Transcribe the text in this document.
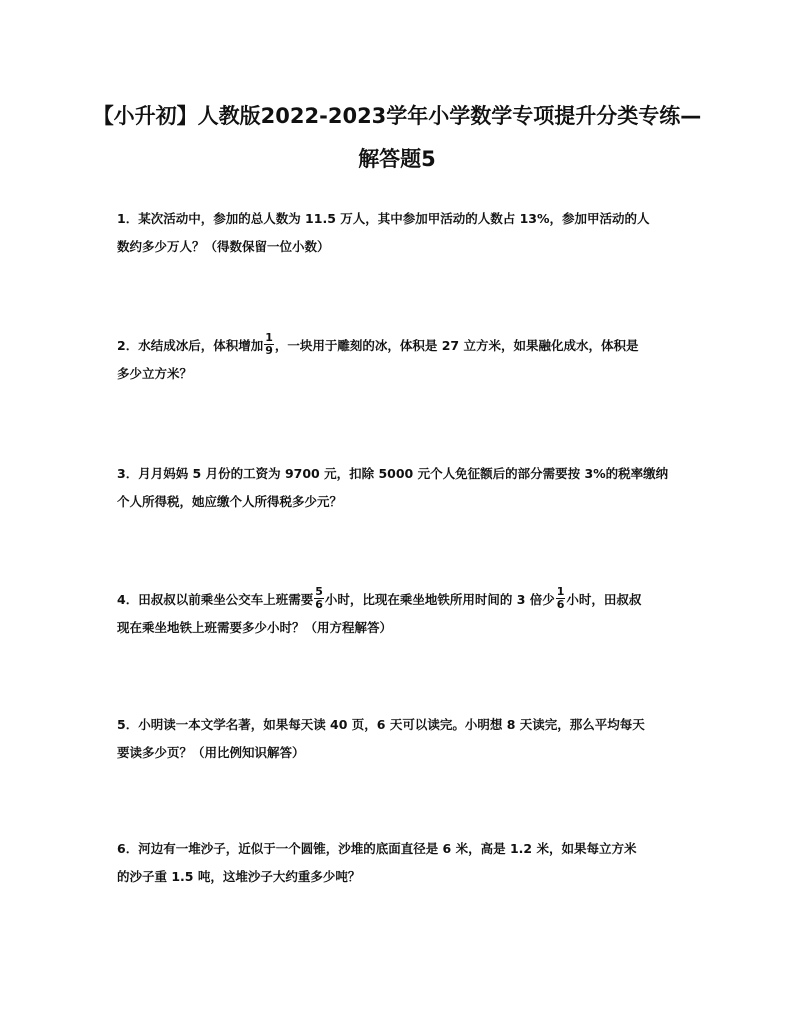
【小升初】人教版2022-2023学年小学数学专项提升分类专练—
解答题5
1．某次活动中，参加的总人数为 11.5 万人，其中参加甲活动的人数占 13%，参加甲活动的人
数约多少万人？（得数保留一位小数）
2．水结成冰后，体积增加 $\frac{1}{9}$ ，一块用于雕刻的冰，体积是 27 立方米，如果融化成水，体积是
多少立方米？
3．月月妈妈 5 月份的工资为 9700 元，扣除 5000 元个人免征额后的部分需要按 3%的税率缴纳
个人所得税，她应缴个人所得税多少元？
4．田叔叔以前乘坐公交车上班需要 $\frac{5}{6}$ 小时，比现在乘坐地铁所用时间的 3 倍少 $\frac{1}{6}$ 小时，田叔叔
现在乘坐地铁上班需要多少小时？（用方程解答）
5．小明读一本文学名著，如果每天读 40 页，6 天可以读完。小明想 8 天读完，那么平均每天
要读多少页？（用比例知识解答）
6．河边有一堆沙子，近似于一个圆锥，沙堆的底面直径是 6 米，高是 1.2 米，如果每立方米
的沙子重 1.5 吨，这堆沙子大约重多少吨？
